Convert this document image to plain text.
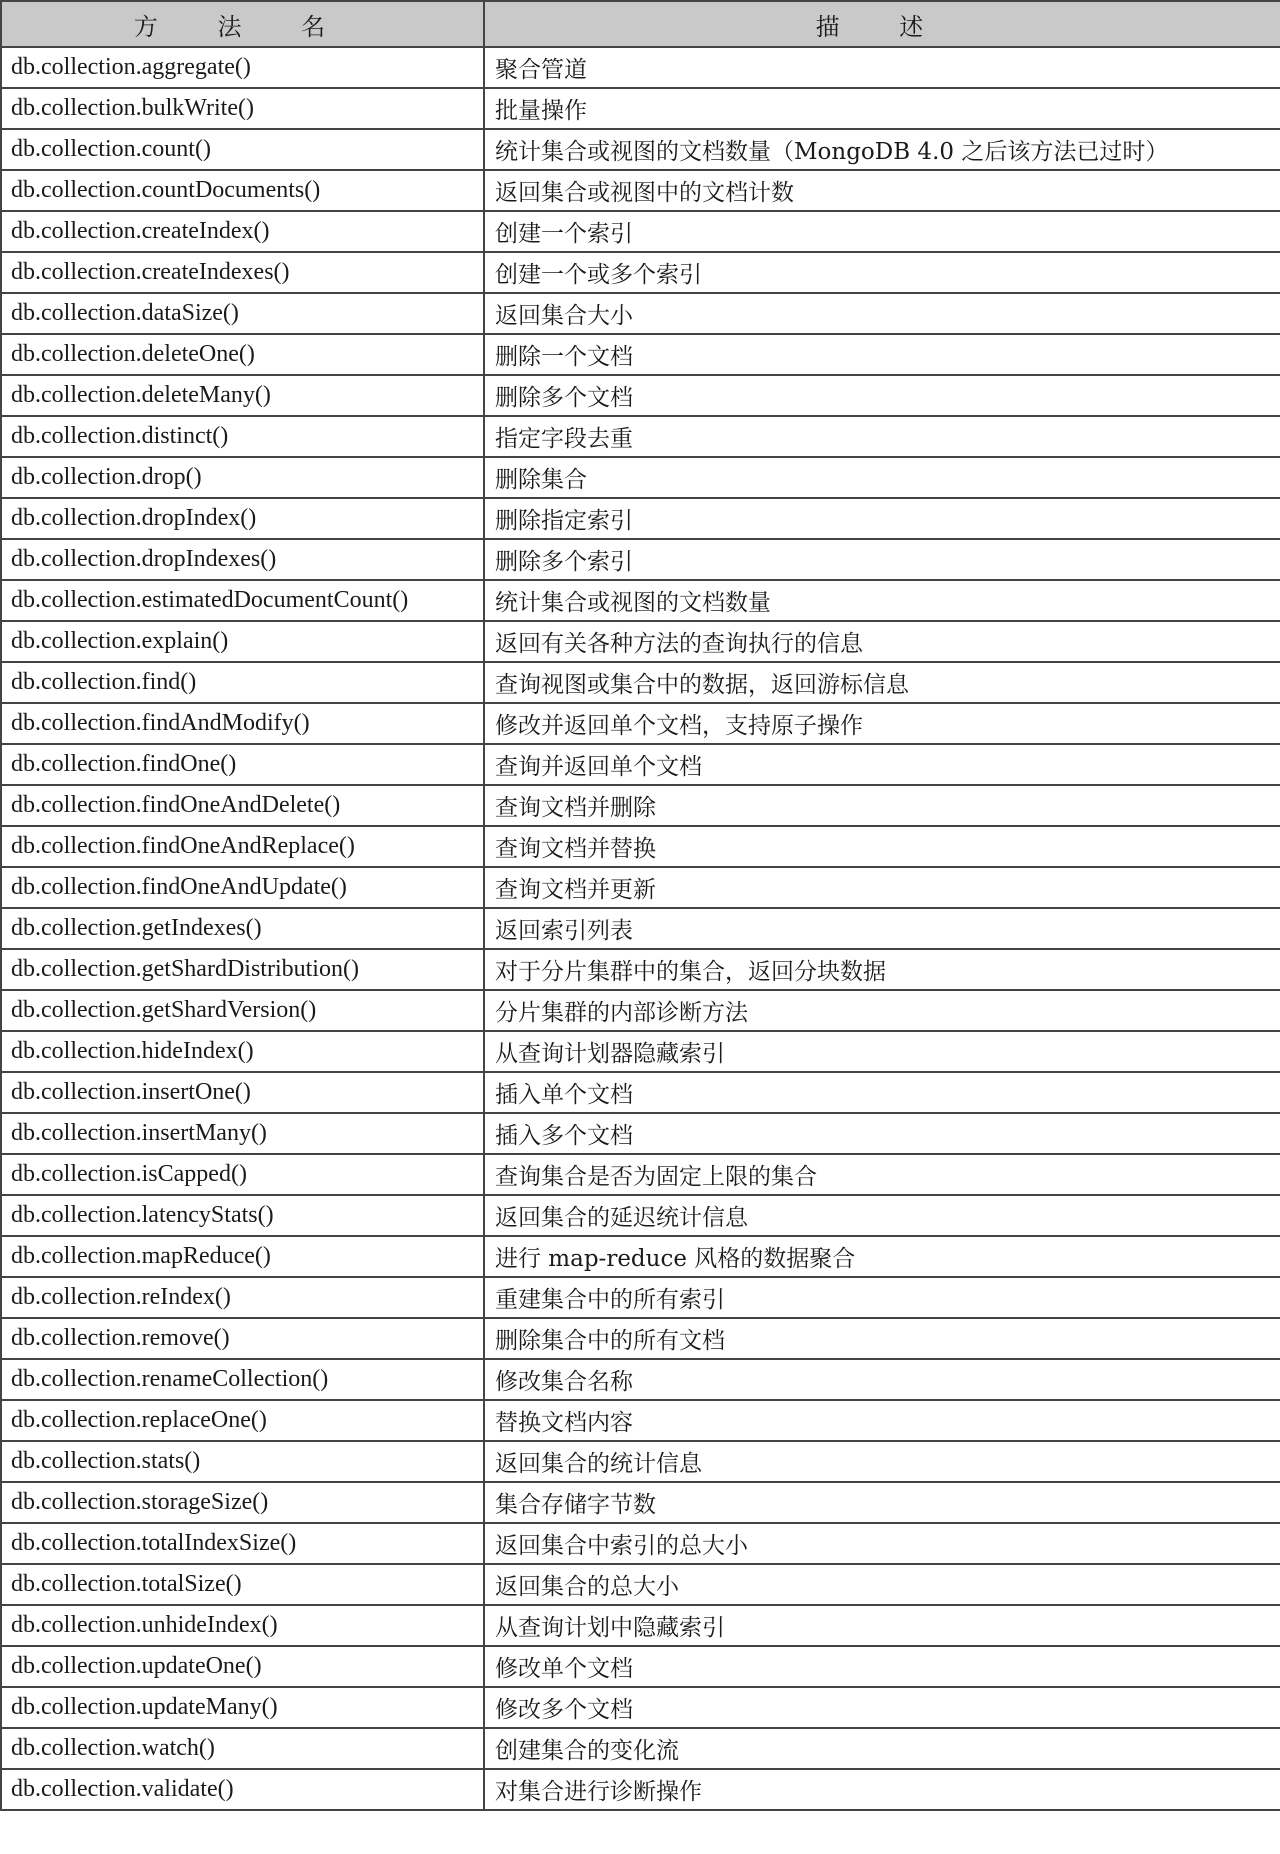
方 法 名	描 述
db.collection.aggregate()	聚合管道
db.collection.bulkWrite()	批量操作
db.collection.count()	统计集合或视图的文档数量（MongoDB 4.0 之后该方法已过时）
db.collection.countDocuments()	返回集合或视图中的文档计数
db.collection.createIndex()	创建一个索引
db.collection.createIndexes()	创建一个或多个索引
db.collection.dataSize()	返回集合大小
db.collection.deleteOne()	删除一个文档
db.collection.deleteMany()	删除多个文档
db.collection.distinct()	指定字段去重
db.collection.drop()	删除集合
db.collection.dropIndex()	删除指定索引
db.collection.dropIndexes()	删除多个索引
db.collection.estimatedDocumentCount()	统计集合或视图的文档数量
db.collection.explain()	返回有关各种方法的查询执行的信息
db.collection.find()	查询视图或集合中的数据，返回游标信息
db.collection.findAndModify()	修改并返回单个文档，支持原子操作
db.collection.findOne()	查询并返回单个文档
db.collection.findOneAndDelete()	查询文档并删除
db.collection.findOneAndReplace()	查询文档并替换
db.collection.findOneAndUpdate()	查询文档并更新
db.collection.getIndexes()	返回索引列表
db.collection.getShardDistribution()	对于分片集群中的集合，返回分块数据
db.collection.getShardVersion()	分片集群的内部诊断方法
db.collection.hideIndex()	从查询计划器隐藏索引
db.collection.insertOne()	插入单个文档
db.collection.insertMany()	插入多个文档
db.collection.isCapped()	查询集合是否为固定上限的集合
db.collection.latencyStats()	返回集合的延迟统计信息
db.collection.mapReduce()	进行 map-reduce 风格的数据聚合
db.collection.reIndex()	重建集合中的所有索引
db.collection.remove()	删除集合中的所有文档
db.collection.renameCollection()	修改集合名称
db.collection.replaceOne()	替换文档内容
db.collection.stats()	返回集合的统计信息
db.collection.storageSize()	集合存储字节数
db.collection.totalIndexSize()	返回集合中索引的总大小
db.collection.totalSize()	返回集合的总大小
db.collection.unhideIndex()	从查询计划中隐藏索引
db.collection.updateOne()	修改单个文档
db.collection.updateMany()	修改多个文档
db.collection.watch()	创建集合的变化流
db.collection.validate()	对集合进行诊断操作
